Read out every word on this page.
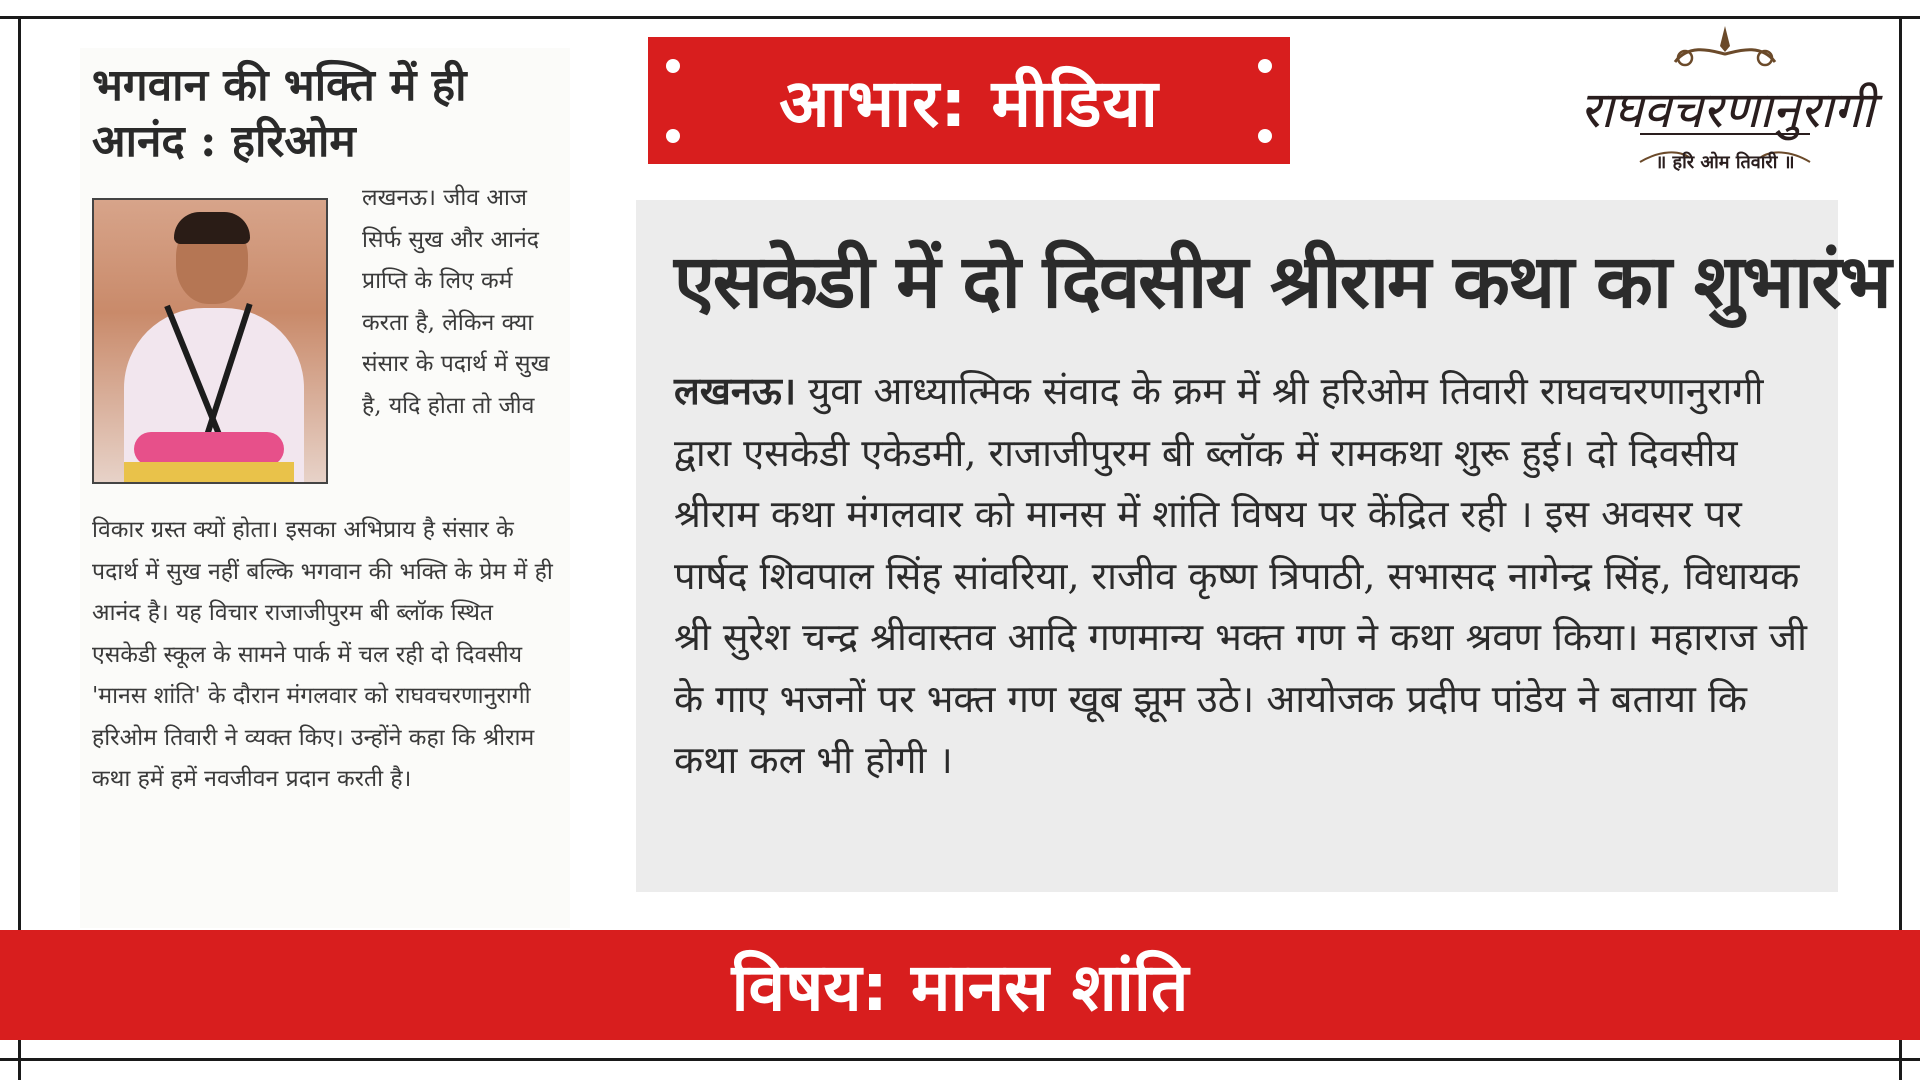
भगवान की भक्ति में ही आनंद : हरिओम
लखनऊ। जीव आज सिर्फ सुख और आनंद प्राप्ति के लिए कर्म करता है, लेकिन क्या संसार के पदार्थ में सुख है, यदि होता तो जीव
विकार ग्रस्त क्यों होता। इसका अभिप्राय है संसार के पदार्थ में सुख नहीं बल्कि भगवान की भक्ति के प्रेम में ही आनंद है। यह विचार राजाजीपुरम बी ब्लॉक स्थित एसकेडी स्कूल के सामने पार्क में चल रही दो दिवसीय 'मानस शांति' के दौरान मंगलवार को राघवचरणानुरागी हरिओम तिवारी ने व्यक्त किए। उन्होंने कहा कि श्रीराम कथा हमें हमें नवजीवन प्रदान करती है।
आभार: मीडिया	राघवचरणानुरागी
॥ हरि ओम तिवारी ॥
एसकेडी में दो दिवसीय श्रीराम कथा का शुभारंभ
लखनऊ। युवा आध्यात्मिक संवाद के क्रम में श्री हरिओम तिवारी राघवचरणानुरागी द्वारा एसकेडी एकेडमी, राजाजीपुरम बी ब्लॉक में रामकथा शुरू हुई। दो दिवसीय श्रीराम कथा मंगलवार को मानस में शांति विषय पर केंद्रित रही । इस अवसर पर पार्षद शिवपाल सिंह सांवरिया, राजीव कृष्ण त्रिपाठी, सभासद नागेन्द्र सिंह, विधायक श्री सुरेश चन्द्र श्रीवास्तव आदि गणमान्य भक्त गण ने कथा श्रवण किया। महाराज जी के गाए भजनों पर भक्त गण खूब झूम उठे। आयोजक प्रदीप पांडेय ने बताया कि कथा कल भी होगी ।
विषय: मानस शांति
